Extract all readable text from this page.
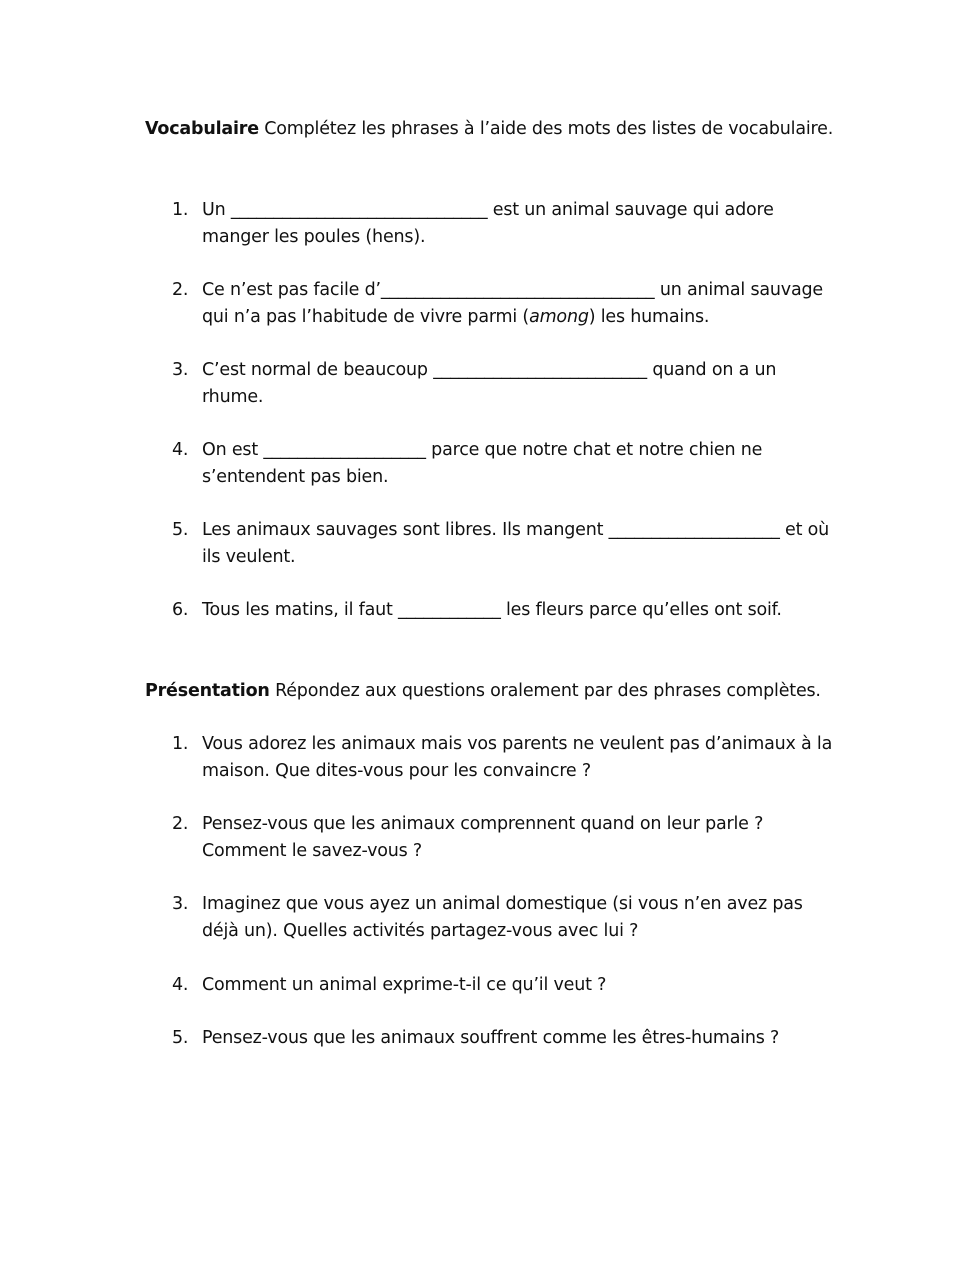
Vocabulaire Complétez les phrases à l’aide des mots des listes de vocabulaire.
1. Un ______________________________ est un animal sauvage qui adore manger les poules (hens).
2. Ce n’est pas facile d’________________________________ un animal sauvage qui n’a pas l’habitude de vivre parmi (among) les humains.
3. C’est normal de beaucoup _________________________ quand on a un rhume.
4. On est ___________________ parce que notre chat et notre chien ne s’entendent pas bien.
5. Les animaux sauvages sont libres. Ils mangent ____________________ et où ils veulent.
6. Tous les matins, il faut ____________ les fleurs parce qu’elles ont soif.
Présentation Répondez aux questions oralement par des phrases complètes.
1. Vous adorez les animaux mais vos parents ne veulent pas d’animaux à la maison. Que dites-vous pour les convaincre ?
2. Pensez-vous que les animaux comprennent quand on leur parle ? Comment le savez-vous ?
3. Imaginez que vous ayez un animal domestique (si vous n’en avez pas déjà un). Quelles activités partagez-vous avec lui ?
4. Comment un animal exprime-t-il ce qu’il veut ?
5. Pensez-vous que les animaux souffrent comme les êtres-humains ?
